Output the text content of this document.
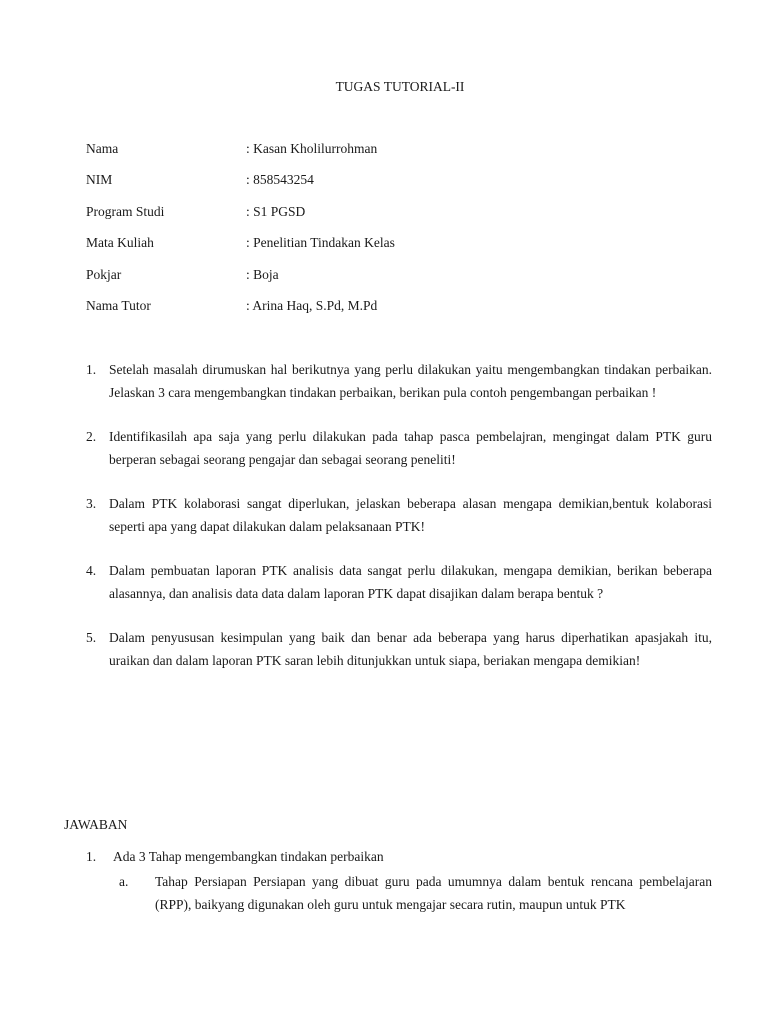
TUGAS TUTORIAL-II
Nama	: Kasan Kholilurrohman
NIM	: 858543254
Program Studi	: S1 PGSD
Mata Kuliah	: Penelitian Tindakan Kelas
Pokjar	: Boja
Nama Tutor	: Arina Haq, S.Pd, M.Pd
1. Setelah masalah dirumuskan hal berikutnya yang perlu dilakukan yaitu mengembangkan tindakan perbaikan. Jelaskan 3 cara mengembangkan tindakan perbaikan, berikan pula contoh pengembangan perbaikan !
2. Identifikasilah apa saja yang perlu dilakukan pada tahap pasca pembelajran, mengingat dalam PTK guru berperan sebagai seorang pengajar dan sebagai seorang peneliti!
3. Dalam PTK kolaborasi sangat diperlukan, jelaskan beberapa alasan mengapa demikian,bentuk kolaborasi seperti apa yang dapat dilakukan dalam pelaksanaan PTK!
4. Dalam pembuatan laporan PTK analisis data sangat perlu dilakukan, mengapa demikian, berikan beberapa alasannya, dan analisis data data dalam laporan PTK dapat disajikan dalam berapa bentuk ?
5. Dalam penyususan kesimpulan yang baik dan benar ada beberapa yang harus diperhatikan apasjakah itu, uraikan dan dalam laporan PTK saran lebih ditunjukkan untuk siapa, beriakan mengapa demikian!
JAWABAN
1.	Ada 3 Tahap mengembangkan tindakan perbaikan
a.	Tahap Persiapan Persiapan yang dibuat guru pada umumnya dalam bentuk rencana pembelajaran (RPP), baikyang digunakan oleh guru untuk mengajar secara rutin, maupun untuk PTK
